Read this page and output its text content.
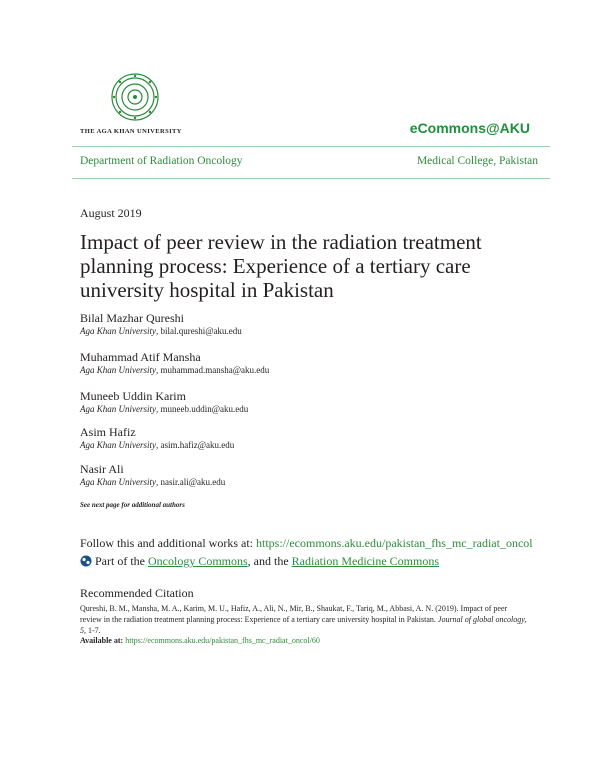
THE AGA KHAN UNIVERSITY	eCommons@AKU
Department of Radiation Oncology	Medical College, Pakistan
August 2019
Impact of peer review in the radiation treatment planning process: Experience of a tertiary care university hospital in Pakistan
Bilal Mazhar Qureshi
Aga Khan University, bilal.qureshi@aku.edu
Muhammad Atif Mansha
Aga Khan University, muhammad.mansha@aku.edu
Muneeb Uddin Karim
Aga Khan University, muneeb.uddin@aku.edu
Asim Hafiz
Aga Khan University, asim.hafiz@aku.edu
Nasir Ali
Aga Khan University, nasir.ali@aku.edu
See next page for additional authors
Follow this and additional works at: https://ecommons.aku.edu/pakistan_fhs_mc_radiat_oncol
Part of the Oncology Commons, and the Radiation Medicine Commons
Recommended Citation
Qureshi, B. M., Mansha, M. A., Karim, M. U., Hafiz, A., Ali, N., Mir, B., Shaukat, F., Tariq, M., Abbasi, A. N. (2019). Impact of peer review in the radiation treatment planning process: Experience of a tertiary care university hospital in Pakistan. Journal of global oncology, 5, 1-7.
Available at: https://ecommons.aku.edu/pakistan_fhs_mc_radiat_oncol/60
